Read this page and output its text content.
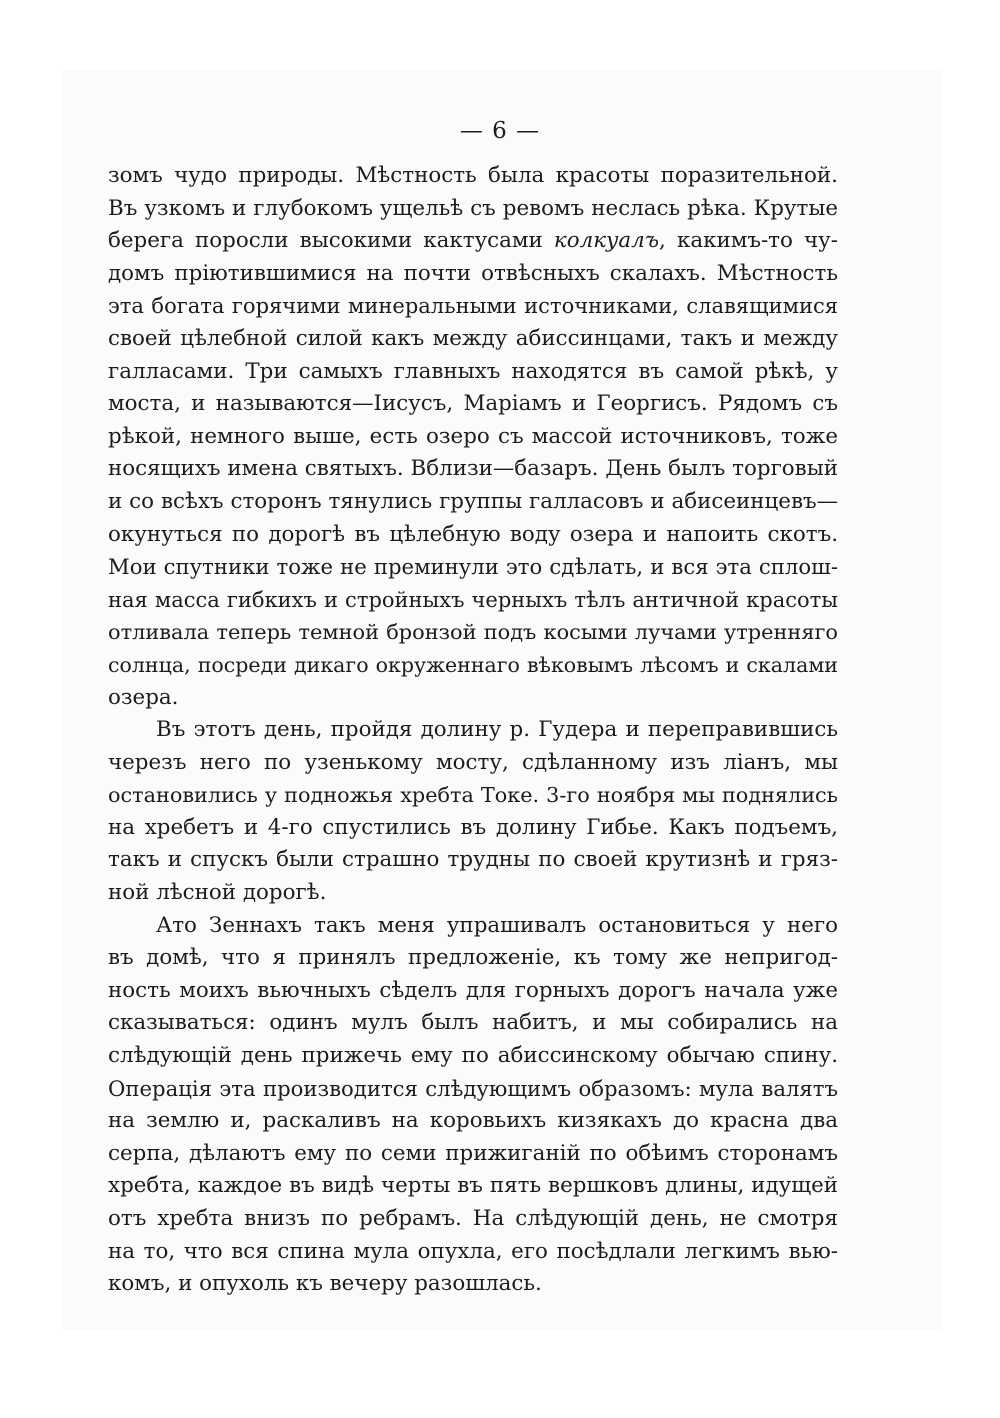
— 6 —
зомъ чудо природы. Мѣстность была красоты поразительной.
Въ узкомъ и глубокомъ ущельѣ съ ревомъ неслась рѣка. Крутые
берега поросли высокими кактусами колкуалъ, какимъ-то чу-
домъ пріютившимися на почти отвѣсныхъ скалахъ. Мѣстность
эта богата горячими минеральными источниками, славящимися
своей цѣлебной силой какъ между абиссинцами, такъ и между
галласами. Три самыхъ главныхъ находятся въ самой рѣкѣ, у
моста, и называются—Іисусъ, Маріамъ и Георгисъ. Рядомъ съ
рѣкой, немного выше, есть озеро съ массой источниковъ, тоже
носящихъ имена святыхъ. Вблизи—базаръ. День былъ торговый
и со всѣхъ сторонъ тянулись группы галласовъ и абисеинцевъ—
окунуться по дорогѣ въ цѣлебную воду озера и напоить скотъ.
Мои спутники тоже не преминули это сдѣлать, и вся эта сплош-
ная масса гибкихъ и стройныхъ черныхъ тѣлъ античной красоты
отливала теперь темной бронзой подъ косыми лучами утренняго
солнца, посреди дикаго окруженнаго вѣковымъ лѣсомъ и скалами
озера.
Въ этотъ день, пройдя долину р. Гудера и переправившись
черезъ него по узенькому мосту, сдѣланному изъ ліанъ, мы
остановились у подножья хребта Токе. 3-го ноября мы поднялись
на хребетъ и 4-го спустились въ долину Гибье. Какъ подъемъ,
такъ и спускъ были страшно трудны по своей крутизнѣ и гряз-
ной лѣсной дорогѣ.
Ато Зеннахъ такъ меня упрашивалъ остановиться у него
въ домѣ, что я принялъ предложеніе, къ тому же непригод-
ность моихъ вьючныхъ сѣделъ для горныхъ дорогъ начала уже
сказываться: одинъ мулъ былъ набитъ, и мы собирались на
слѣдующій день прижечь ему по абиссинскому обычаю спину.
Операція эта производится слѣдующимъ образомъ: мула валятъ
на землю и, раскаливъ на коровьихъ кизякахъ до красна два
серпа, дѣлаютъ ему по семи прижиганій по обѣимъ сторонамъ
хребта, каждое въ видѣ черты въ пять вершковъ длины, идущей
отъ хребта внизъ по ребрамъ. На слѣдующій день, не смотря
на то, что вся спина мула опухла, его посѣдлали легкимъ вью-
комъ, и опухоль къ вечеру разошлась.
